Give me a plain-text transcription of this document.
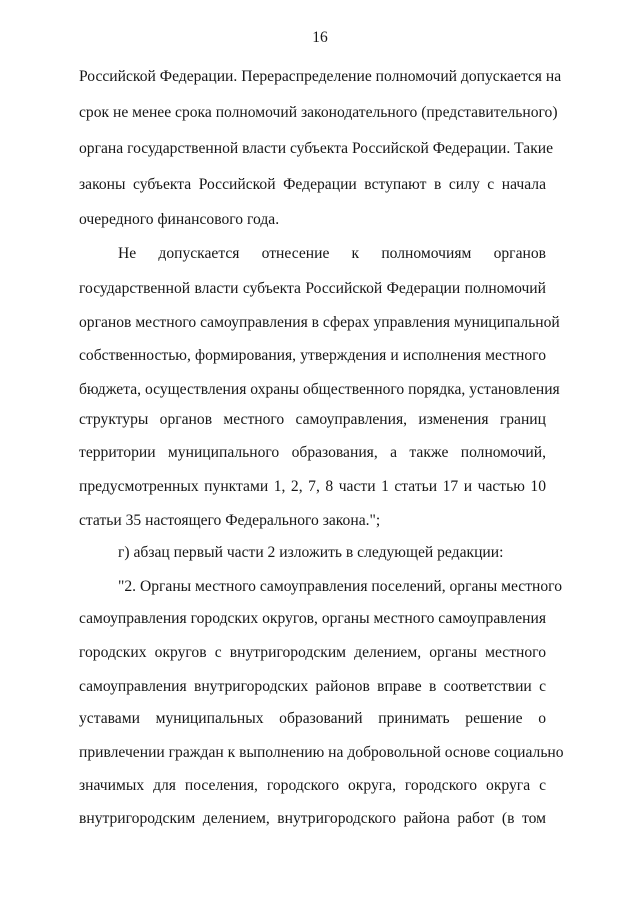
16
Российской Федерации. Перераспределение полномочий допускается на
срок не менее срока полномочий законодательного (представительного)
органа государственной власти субъекта Российской Федерации. Такие
законы субъекта Российской Федерации вступают в силу с начала
очередного финансового года.
Не допускается отнесение к полномочиям органов
государственной власти субъекта Российской Федерации полномочий
органов местного самоуправления в сферах управления муниципальной
собственностью, формирования, утверждения и исполнения местного
бюджета, осуществления охраны общественного порядка, установления
структуры органов местного самоуправления, изменения границ
территории муниципального образования, а также полномочий,
предусмотренных пунктами 1, 2, 7, 8 части 1 статьи 17 и частью 10
статьи 35 настоящего Федерального закона.";
г) абзац первый части 2 изложить в следующей редакции:
"2. Органы местного самоуправления поселений, органы местного
самоуправления городских округов, органы местного самоуправления
городских округов с внутригородским делением, органы местного
самоуправления внутригородских районов вправе в соответствии с
уставами муниципальных образований принимать решение о
привлечении граждан к выполнению на добровольной основе социально
значимых для поселения, городского округа, городского округа с
внутригородским делением, внутригородского района работ (в том
